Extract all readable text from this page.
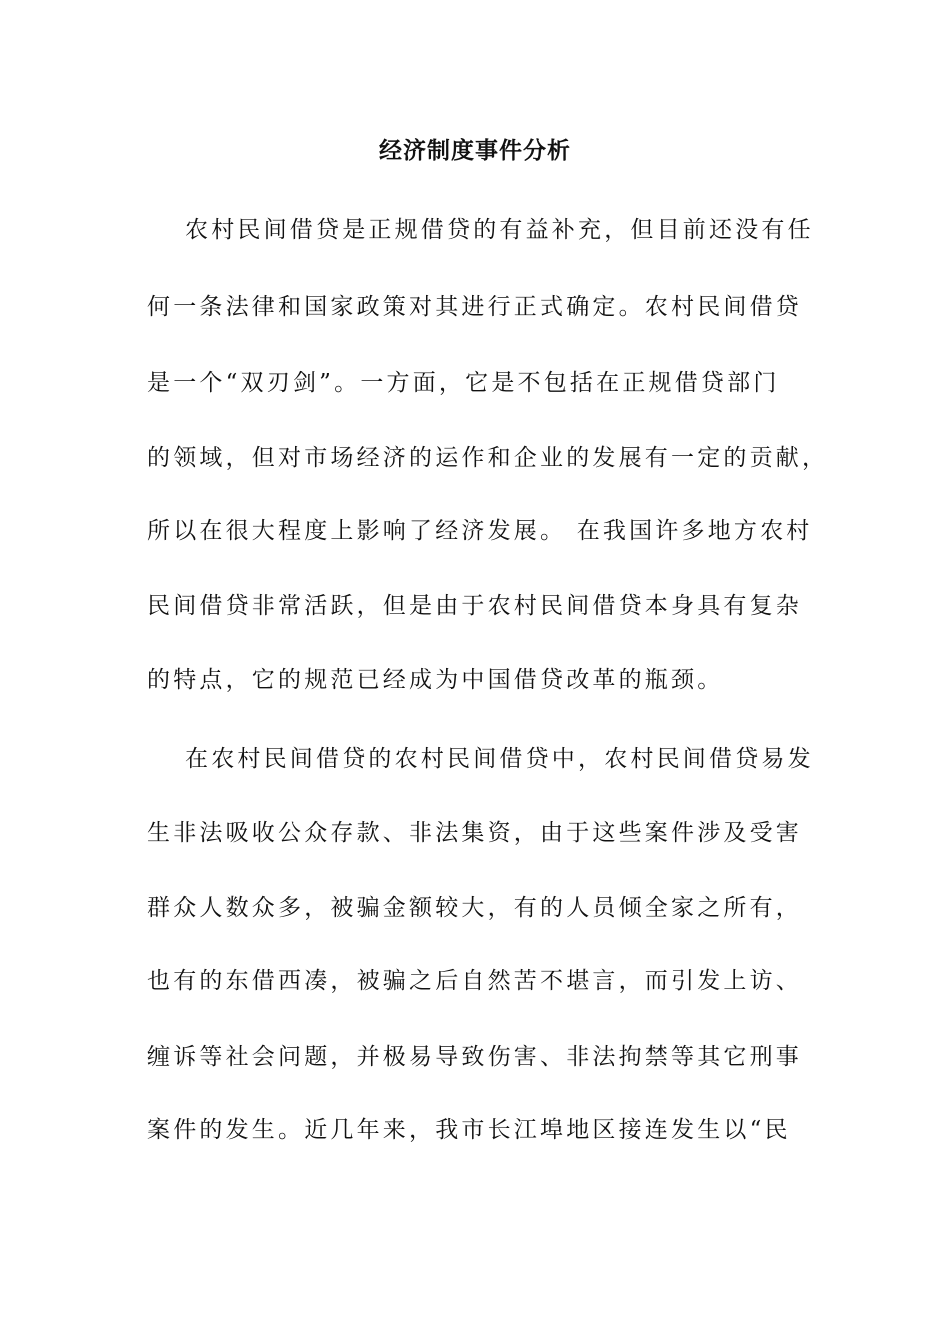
经济制度事件分析
农村民间借贷是正规借贷的有益补充，但目前还没有任
何一条法律和国家政策对其进行正式确定。农村民间借贷
是一个“双刃剑”。一方面，它是不包括在正规借贷部门
的领域，但对市场经济的运作和企业的发展有一定的贡献，
所以在很大程度上影响了经济发展。 在我国许多地方农村
民间借贷非常活跃，但是由于农村民间借贷本身具有复杂
的特点，它的规范已经成为中国借贷改革的瓶颈。
在农村民间借贷的农村民间借贷中，农村民间借贷易发
生非法吸收公众存款、非法集资，由于这些案件涉及受害
群众人数众多，被骗金额较大，有的人员倾全家之所有，
也有的东借西凑，被骗之后自然苦不堪言，而引发上访、
缠诉等社会问题，并极易导致伤害、非法拘禁等其它刑事
案件的发生。近几年来，我市长江埠地区接连发生以“民
